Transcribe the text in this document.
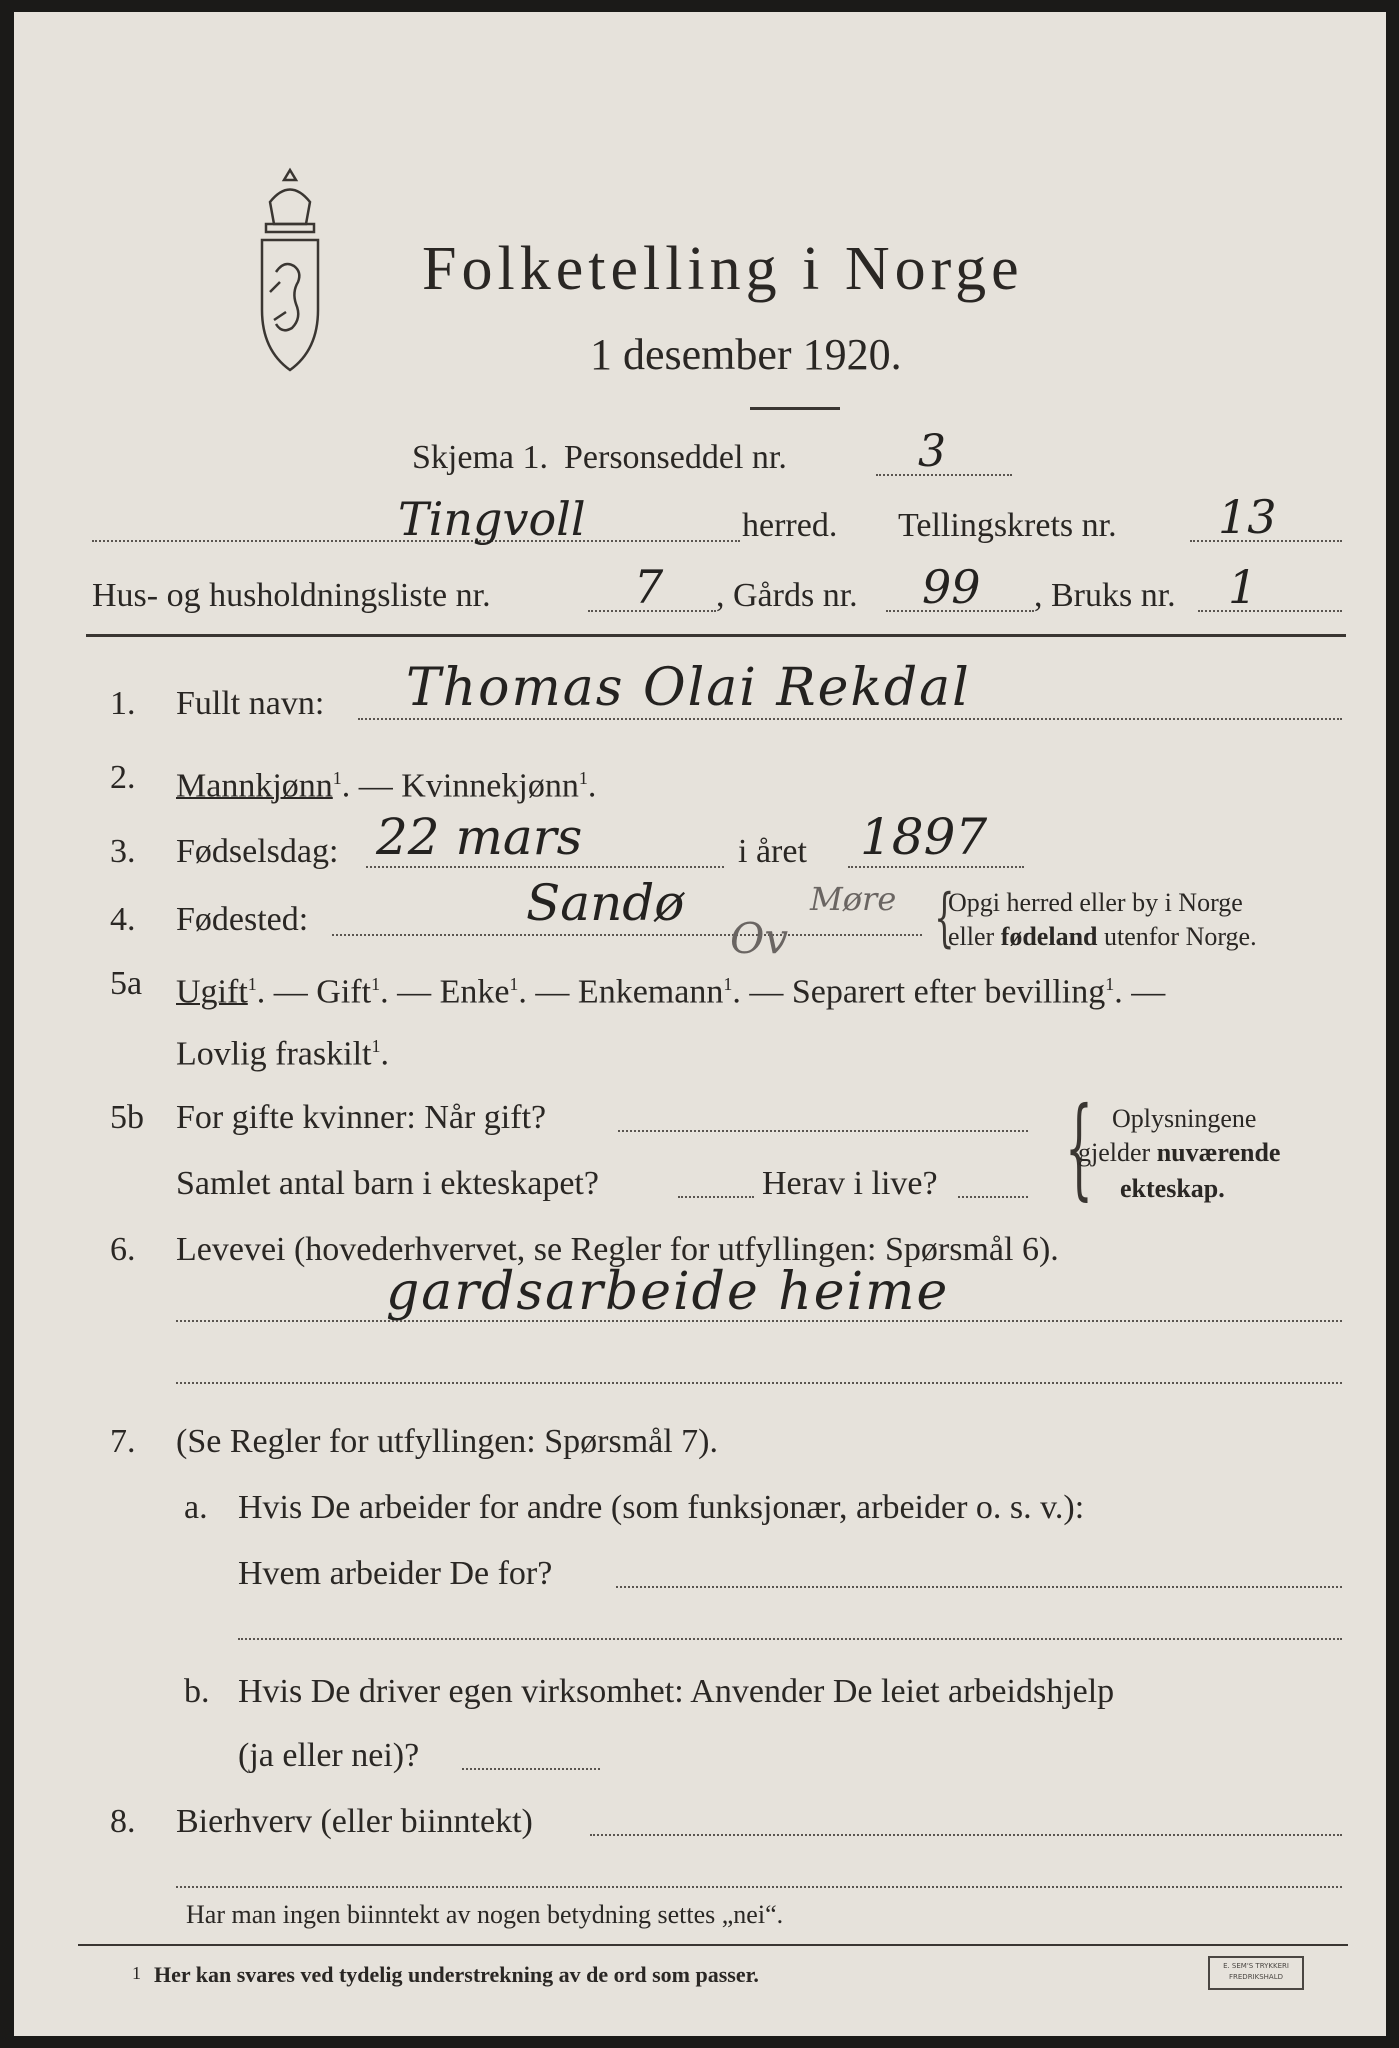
Folketelling i Norge
1 desember 1920.
Skjema 1. Personseddel nr.	3
Tingvoll	herred. Tellingskrets nr. 13
Hus- og husholdningsliste nr.	7 , Gårds nr. 99 , Bruks nr. 1
1. Fullt navn: Thomas Olai Rekdal
2. Mannkjønn$^1$. — Kvinnekjønn$^1$.
3. Fødselsdag: 22 mars	i året 1897
4. Fødested:	Sandø	Møre
Ov {
Opgi herred eller by i Norge
eller fødeland utenfor Norge.
5a Ugift$^1$. — Gift$^1$. — Enke$^1$. — Enkemann$^1$. — Separert efter bevilling$^1$. —
Lovlig fraskilt$^1$.
5b For gifte kvinner: Når gift?
Samlet antal barn i ekteskapet?	Herav i live? { Oplysningene
gjelder nuværende
ekteskap.
6. Levevei (hovederhvervet, se Regler for utfyllingen: Spørsmål 6).
gardsarbeide heime
7. (Se Regler for utfyllingen: Spørsmål 7).
a. Hvis De arbeider for andre (som funksjonær, arbeider o. s. v.):
Hvem arbeider De for?
b. Hvis De driver egen virksomhet: Anvender De leiet arbeidshjelp
(ja eller nei)?
8. Bierhverv (eller biinntekt)
Har man ingen biinntekt av nogen betydning settes „nei“.
1 Her kan svares ved tydelig understrekning av de ord som passer.	E. SEM'S TRYKKERI
FREDRIKSHALD
